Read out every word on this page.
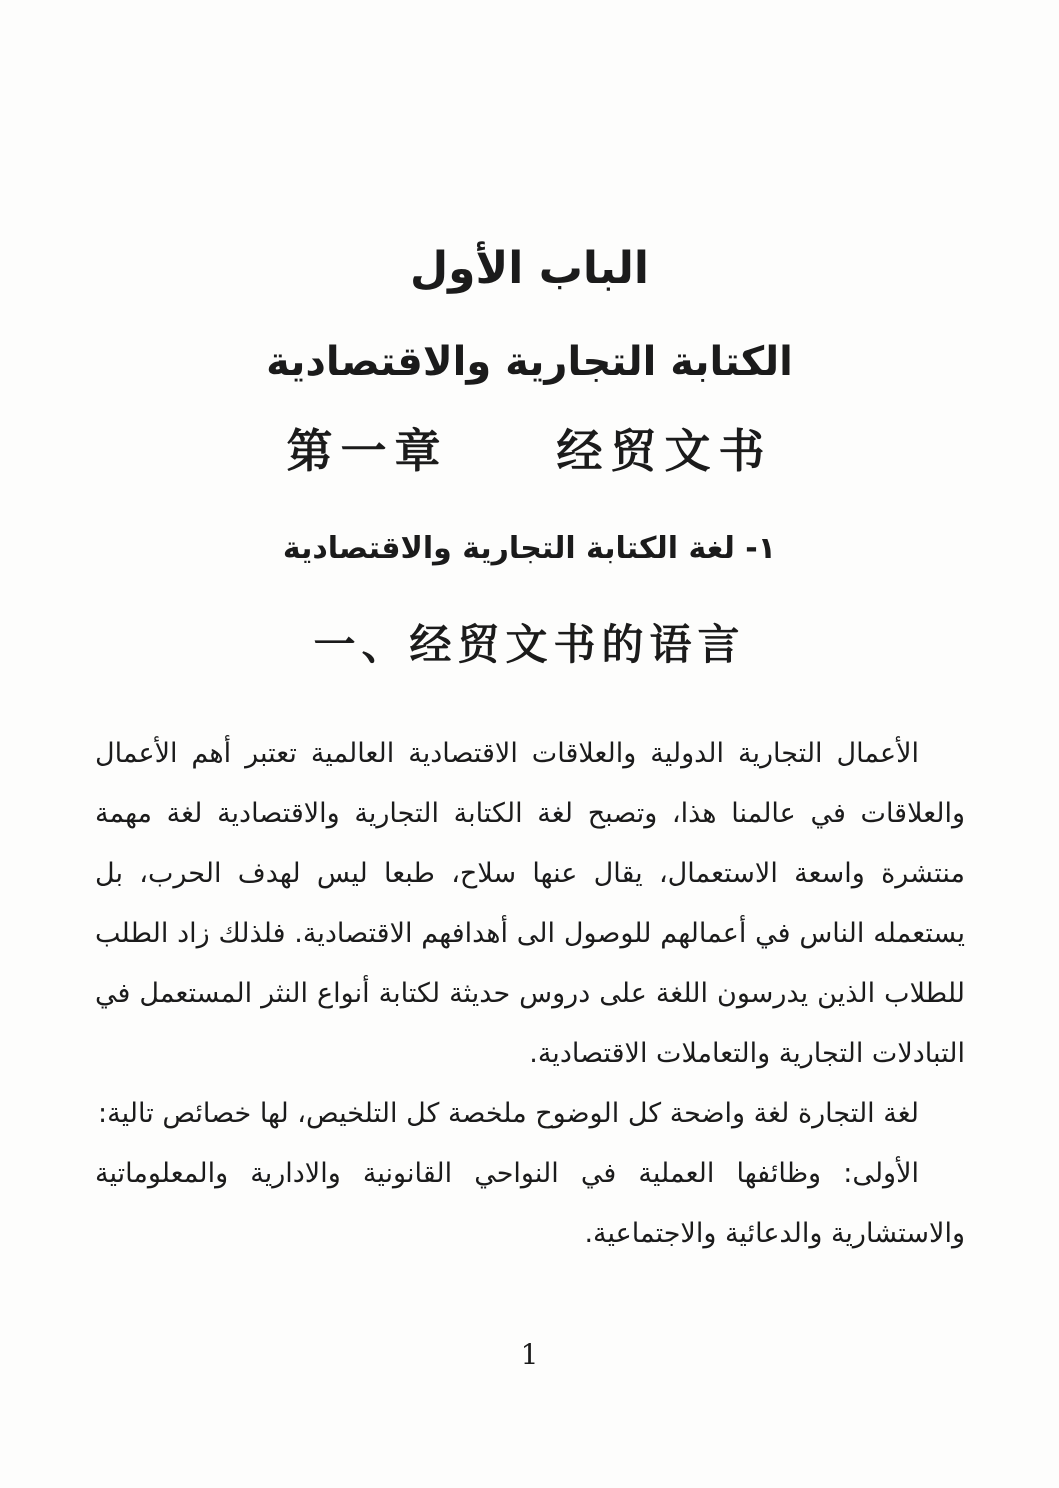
الباب الأول
الكتابة التجارية والاقتصادية
第一章　　经贸文书
١- لغة الكتابة التجارية والاقتصادية
一、经贸文书的语言

الأعمال التجارية الدولية والعلاقات الاقتصادية العالمية تعتبر أهم الأعمال والعلاقات في عالمنا هذا، وتصبح لغة الكتابة التجارية والاقتصادية لغة مهمة منتشرة واسعة الاستعمال، يقال عنها سلاح، طبعا ليس لهدف الحرب، بل يستعمله الناس في أعمالهم للوصول الى أهدافهم الاقتصادية. فلذلك زاد الطلب للطلاب الذين يدرسون اللغة على دروس حديثة لكتابة أنواع النثر المستعمل في التبادلات التجارية والتعاملات الاقتصادية.

لغة التجارة لغة واضحة كل الوضوح ملخصة كل التلخيص، لها خصائص تالية:

الأولى: وظائفها العملية في النواحي القانونية والادارية والمعلوماتية والاستشارية والدعائية والاجتماعية.

1
